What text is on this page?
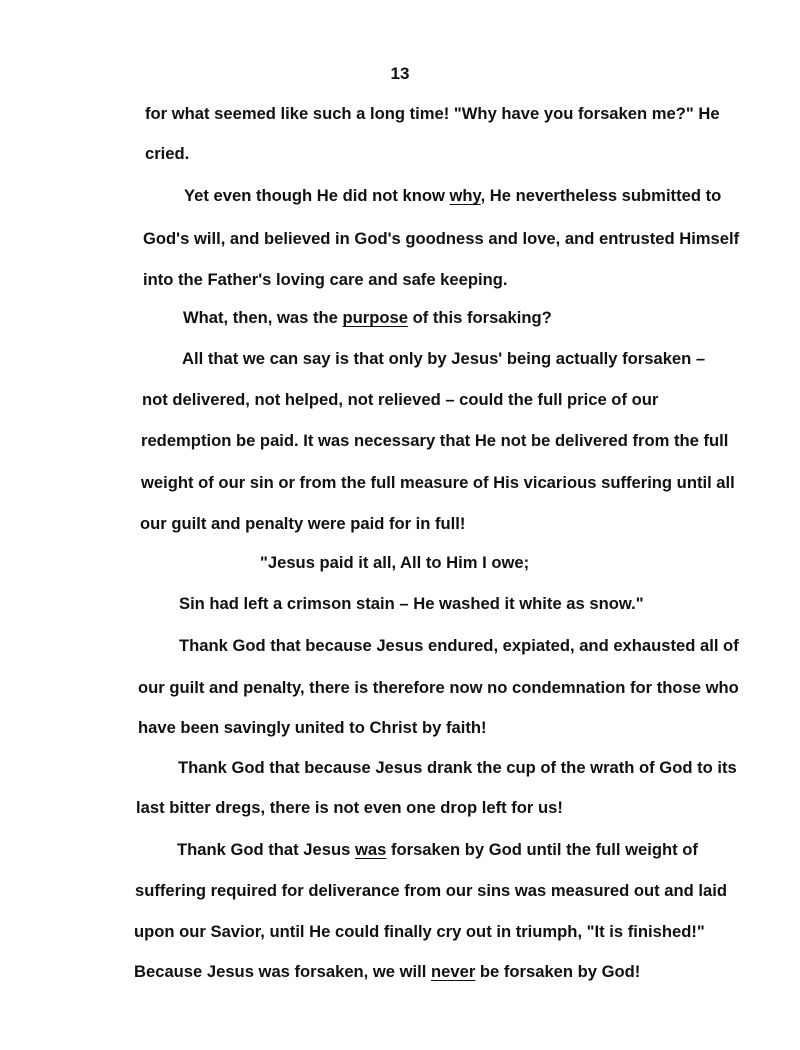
13
for what seemed like such a long time! "Why have you forsaken me?" He
cried.
Yet even though He did not know why, He nevertheless submitted to
God's will, and believed in God's goodness and love, and entrusted Himself
into the Father's loving care and safe keeping.
What, then, was the purpose of this forsaking?
All that we can say is that only by Jesus' being actually forsaken –
not delivered, not helped, not relieved – could the full price of our
redemption be paid. It was necessary that He not be delivered from the full
weight of our sin or from the full measure of His vicarious suffering until all
our guilt and penalty were paid for in full!
"Jesus paid it all, All to Him I owe;
Sin had left a crimson stain – He washed it white as snow."
Thank God that because Jesus endured, expiated, and exhausted all of
our guilt and penalty, there is therefore now no condemnation for those who
have been savingly united to Christ by faith!
Thank God that because Jesus drank the cup of the wrath of God to its
last bitter dregs, there is not even one drop left for us!
Thank God that Jesus was forsaken by God until the full weight of
suffering required for deliverance from our sins was measured out and laid
upon our Savior, until He could finally cry out in triumph, "It is finished!"
Because Jesus was forsaken, we will never be forsaken by God!
